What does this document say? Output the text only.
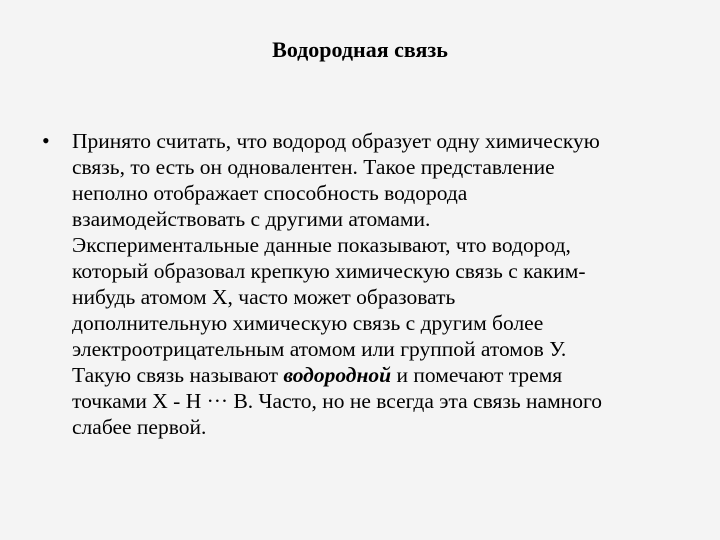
Водородная связь
• Принято считать, что водород образует одну химическую
связь, то есть он одновалентен. Такое представление
неполно отображает способность водорода
взаимодействовать с другими атомами.
Экспериментальные данные показывают, что водород,
который образовал крепкую химическую связь с каким-
нибудь атомом Х, часто может образовать
дополнительную химическую связь с другим более
электроотрицательным атомом или группой атомов У.
Такую связь называют водородной и помечают тремя
точками Х - Н ··· В. Часто, но не всегда эта связь намного
слабее первой.
